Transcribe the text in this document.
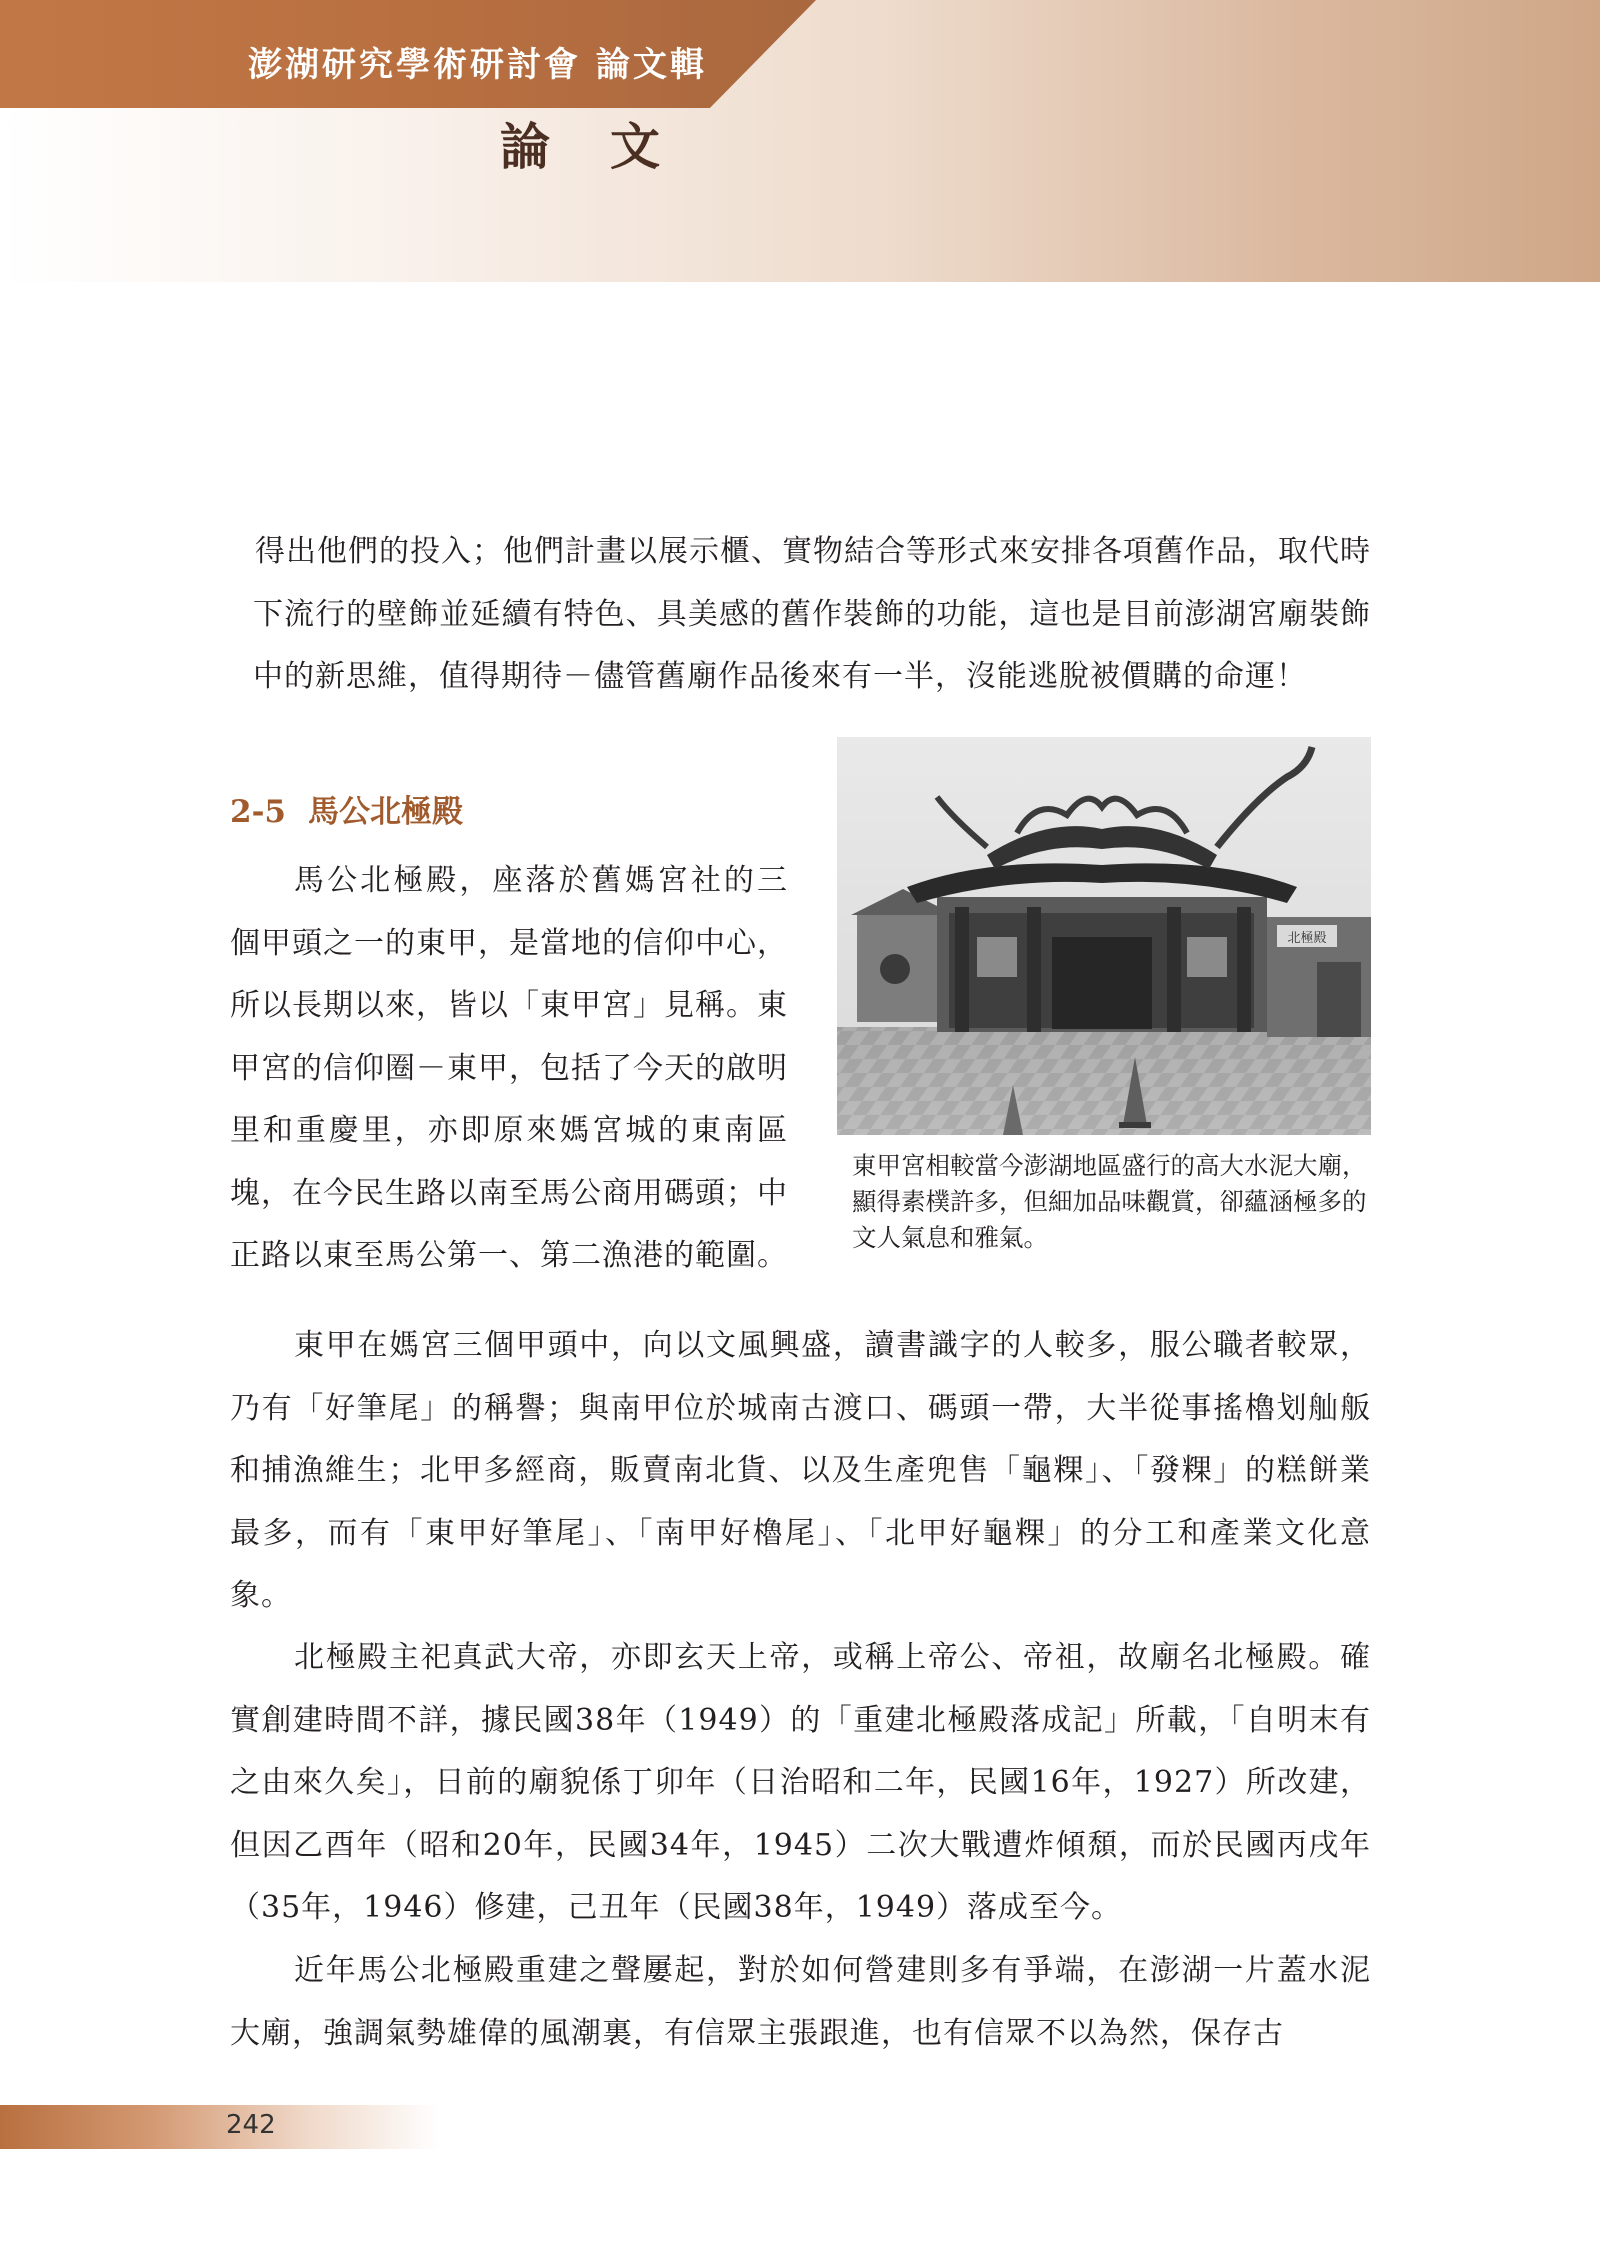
澎湖研究學術研討會 論文輯
論文

得出他們的投入；他們計畫以展示櫃、實物結合等形式來安排各項舊作品，取代時下流行的壁飾並延續有特色、具美感的舊作裝飾的功能，這也是目前澎湖宮廟裝飾中的新思維，值得期待－儘管舊廟作品後來有一半，沒能逃脫被價購的命運！

2-5 馬公北極殿

馬公北極殿，座落於舊媽宮社的三個甲頭之一的東甲，是當地的信仰中心，所以長期以來，皆以「東甲宮」見稱。東甲宮的信仰圈－東甲，包括了今天的啟明里和重慶里，亦即原來媽宮城的東南區塊，在今民生路以南至馬公商用碼頭；中正路以東至馬公第一、第二漁港的範圍。

北極殿

東甲宮相較當今澎湖地區盛行的高大水泥大廟，顯得素樸許多，但細加品味觀賞，卻蘊涵極多的文人氣息和雅氣。

東甲在媽宮三個甲頭中，向以文風興盛，讀書識字的人較多，服公職者較眾，乃有「好筆尾」的稱譽；與南甲位於城南古渡口、碼頭一帶，大半從事搖櫓划舢舨和捕漁維生；北甲多經商，販賣南北貨、以及生產兜售「龜粿」、「發粿」的糕餅業最多，而有「東甲好筆尾」、「南甲好櫓尾」、「北甲好龜粿」的分工和產業文化意象。

北極殿主祀真武大帝，亦即玄天上帝，或稱上帝公、帝祖，故廟名北極殿。確實創建時間不詳，據民國38年（1949）的「重建北極殿落成記」所載，「自明末有之由來久矣」，日前的廟貌係丁卯年（日治昭和二年，民國16年，1927）所改建，但因乙酉年（昭和20年，民國34年，1945）二次大戰遭炸傾頹，而於民國丙戌年（35年，1946）修建，己丑年（民國38年，1949）落成至今。

近年馬公北極殿重建之聲屢起，對於如何營建則多有爭端，在澎湖一片蓋水泥大廟，強調氣勢雄偉的風潮裏，有信眾主張跟進，也有信眾不以為然，保存古

242
